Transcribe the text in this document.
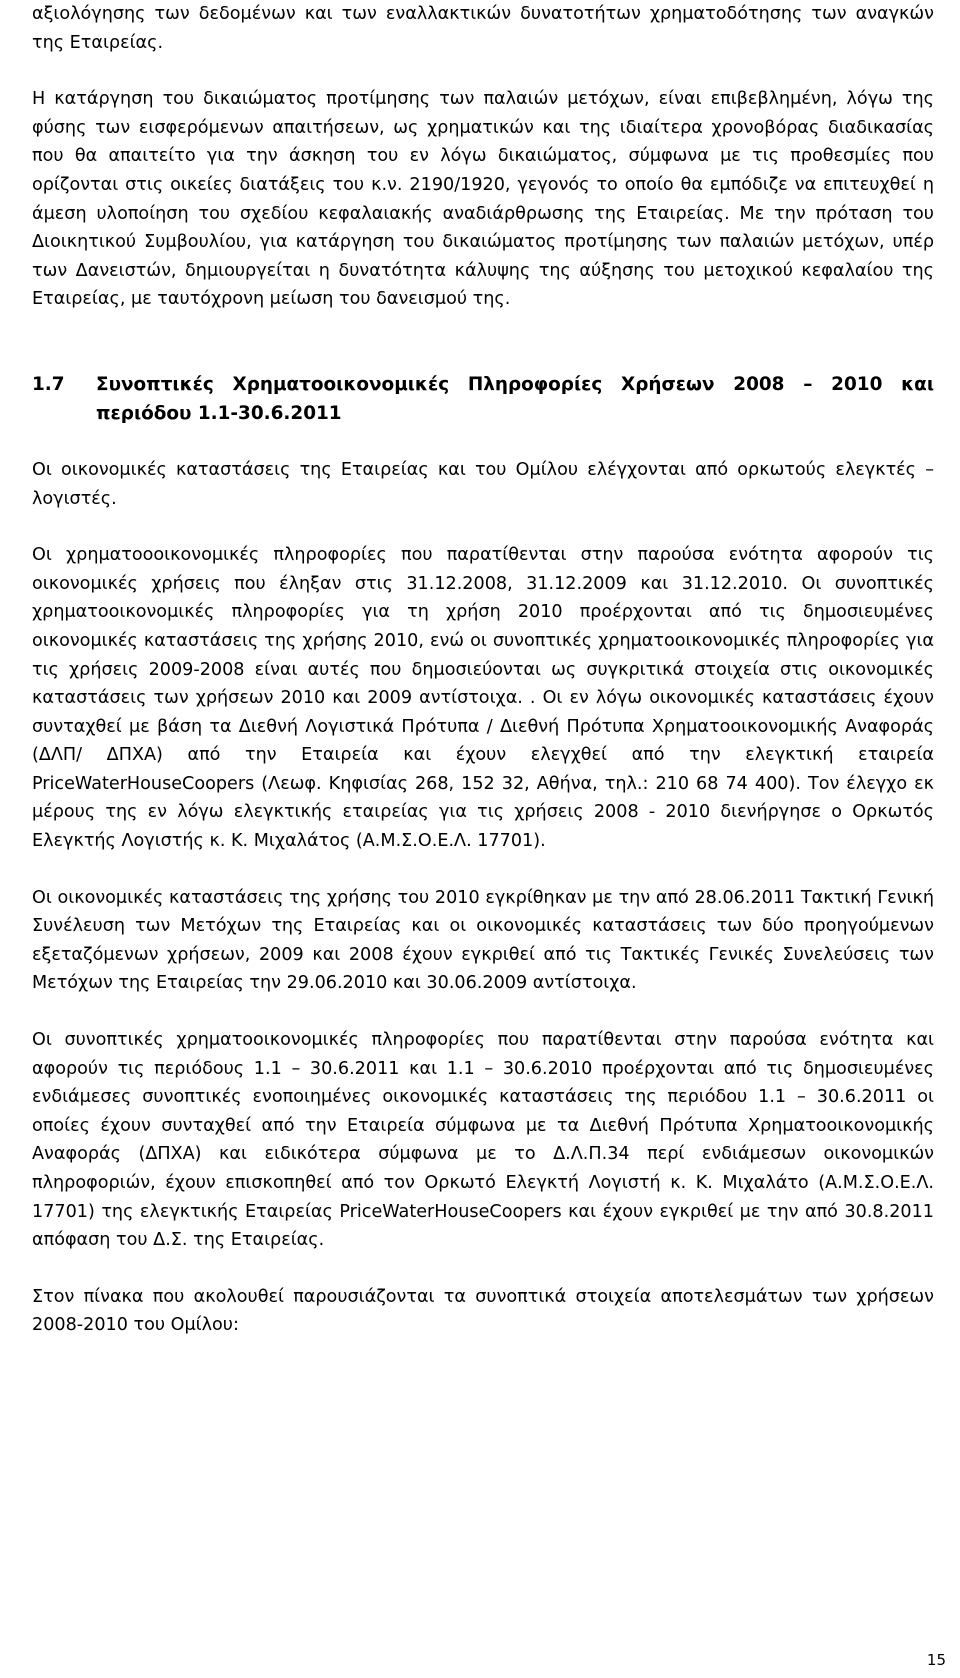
αξιολόγησης των δεδομένων και των εναλλακτικών δυνατοτήτων χρηματοδότησης των αναγκών της Εταιρείας.

Η κατάργηση του δικαιώματος προτίμησης των παλαιών μετόχων, είναι επιβεβλημένη, λόγω της φύσης των εισφερόμενων απαιτήσεων, ως χρηματικών και της ιδιαίτερα χρονοβόρας διαδικασίας που θα απαιτείτο για την άσκηση του εν λόγω δικαιώματος, σύμφωνα με τις προθεσμίες που ορίζονται στις οικείες διατάξεις του κ.ν. 2190/1920, γεγονός το οποίο θα εμπόδιζε να επιτευχθεί η άμεση υλοποίηση του σχεδίου κεφαλαιακής αναδιάρθρωσης της Εταιρείας. Με την πρόταση του Διοικητικού Συμβουλίου, για κατάργηση του δικαιώματος προτίμησης των παλαιών μετόχων, υπέρ των Δανειστών, δημιουργείται η δυνατότητα κάλυψης της αύξησης του μετοχικού κεφαλαίου της Εταιρείας, με ταυτόχρονη μείωση του δανεισμού της.

1.7	Συνοπτικές Χρηματοοικονομικές Πληροφορίες Χρήσεων 2008 – 2010 και περιόδου 1.1-30.6.2011

Οι οικονομικές καταστάσεις της Εταιρείας και του Ομίλου ελέγχονται από ορκωτούς ελεγκτές – λογιστές.

Οι χρηματοοοικονομικές πληροφορίες που παρατίθενται στην παρούσα ενότητα αφορούν τις οικονομικές χρήσεις που έληξαν στις 31.12.2008, 31.12.2009 και 31.12.2010. Οι συνοπτικές χρηματοοικονομικές πληροφορίες για τη χρήση 2010 προέρχονται από τις δημοσιευμένες οικονομικές καταστάσεις της χρήσης 2010, ενώ οι συνοπτικές χρηματοοικονομικές πληροφορίες για τις χρήσεις 2009-2008 είναι αυτές που δημοσιεύονται ως συγκριτικά στοιχεία στις οικονομικές καταστάσεις των χρήσεων 2010 και 2009 αντίστοιχα. . Οι εν λόγω οικονομικές καταστάσεις έχουν συνταχθεί με βάση τα Διεθνή Λογιστικά Πρότυπα / Διεθνή Πρότυπα Χρηματοοικονομικής Αναφοράς (ΔΛΠ/ ΔΠΧΑ) από την Εταιρεία και έχουν ελεγχθεί από την ελεγκτική εταιρεία PriceWaterHouseCoopers (Λεωφ. Κηφισίας 268, 152 32, Αθήνα, τηλ.: 210 68 74 400). Τον έλεγχο εκ μέρους της εν λόγω ελεγκτικής εταιρείας για τις χρήσεις 2008 - 2010 διενήργησε ο Ορκωτός Ελεγκτής Λογιστής κ. Κ. Μιχαλάτος (Α.Μ.Σ.Ο.Ε.Λ. 17701).

Οι οικονομικές καταστάσεις της χρήσης του 2010 εγκρίθηκαν με την από 28.06.2011 Τακτική Γενική Συνέλευση των Μετόχων της Εταιρείας και οι οικονομικές καταστάσεις των δύο προηγούμενων εξεταζόμενων χρήσεων, 2009 και 2008 έχουν εγκριθεί από τις Τακτικές Γενικές Συνελεύσεις των Μετόχων της Εταιρείας την 29.06.2010 και 30.06.2009 αντίστοιχα.

Οι συνοπτικές χρηματοοικονομικές πληροφορίες που παρατίθενται στην παρούσα ενότητα και αφορούν τις περιόδους 1.1 – 30.6.2011 και 1.1 – 30.6.2010 προέρχονται από τις δημοσιευμένες ενδιάμεσες συνοπτικές ενοποιημένες οικονομικές καταστάσεις της περιόδου 1.1 – 30.6.2011 οι οποίες έχουν συνταχθεί από την Εταιρεία σύμφωνα με τα Διεθνή Πρότυπα Χρηματοοικονομικής Αναφοράς (ΔΠΧΑ) και ειδικότερα σύμφωνα με το Δ.Λ.Π.34 περί ενδιάμεσων οικονομικών πληροφοριών, έχουν επισκοπηθεί από τον Ορκωτό Ελεγκτή Λογιστή κ. Κ. Μιχαλάτο (Α.Μ.Σ.Ο.Ε.Λ. 17701) της ελεγκτικής Εταιρείας PriceWaterHouseCoopers και έχουν εγκριθεί με την από 30.8.2011 απόφαση του Δ.Σ. της Εταιρείας.

Στον πίνακα που ακολουθεί παρουσιάζονται τα συνοπτικά στοιχεία αποτελεσμάτων των χρήσεων 2008-2010 του Ομίλου:

15
